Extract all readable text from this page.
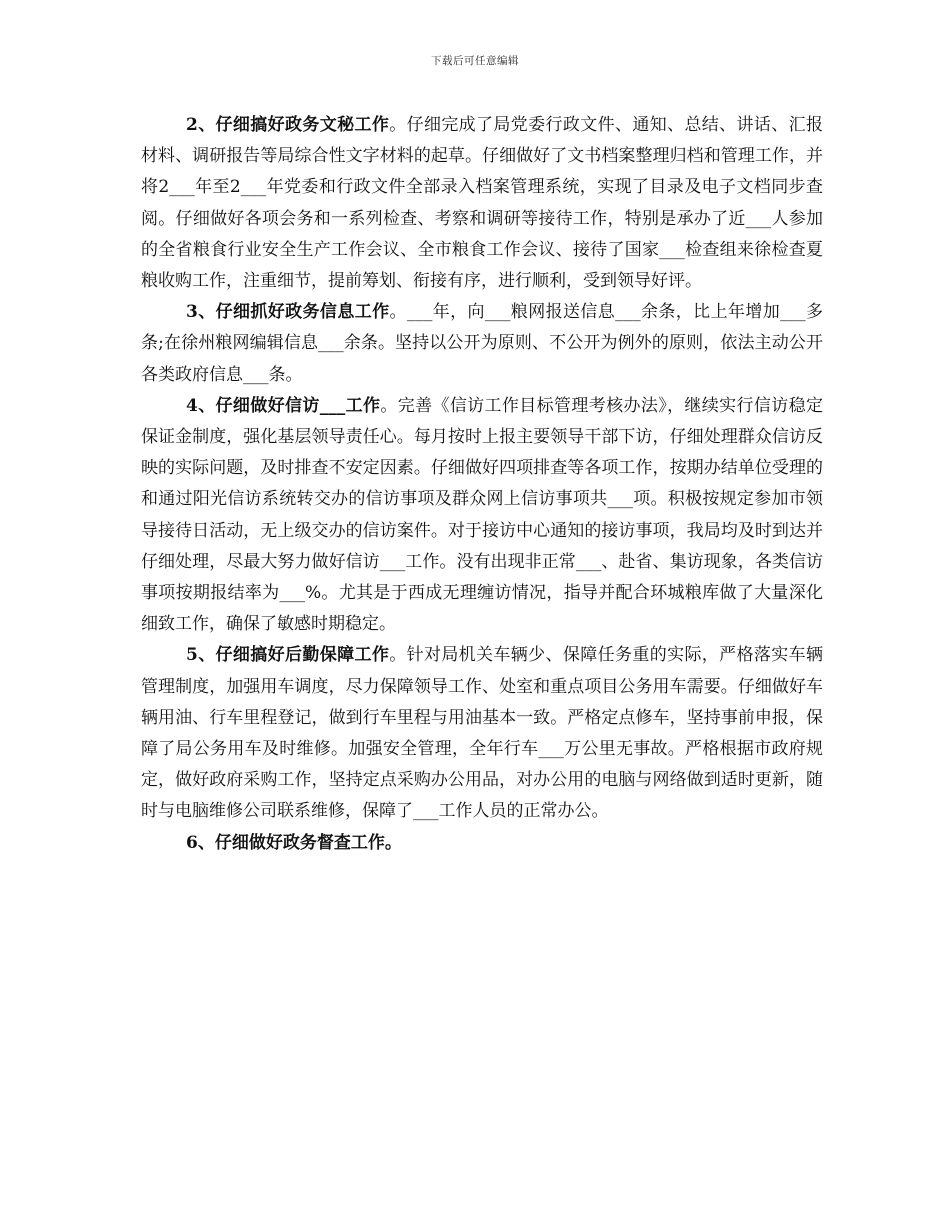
下载后可任意编辑

2、仔细搞好政务文秘工作。仔细完成了局党委行政文件、通知、总结、讲话、汇报材料、调研报告等局综合性文字材料的起草。仔细做好了文书档案整理归档和管理工作，并将2___年至2___年党委和行政文件全部录入档案管理系统，实现了目录及电子文档同步查阅。仔细做好各项会务和一系列检查、考察和调研等接待工作，特别是承办了近___人参加的全省粮食行业安全生产工作会议、全市粮食工作会议、接待了国家___检查组来徐检查夏粮收购工作，注重细节，提前筹划、衔接有序，进行顺利，受到领导好评。

3、仔细抓好政务信息工作。___年，向___粮网报送信息___余条，比上年增加___多条;在徐州粮网编辑信息___余条。坚持以公开为原则、不公开为例外的原则，依法主动公开各类政府信息___条。

4、仔细做好信访___工作。完善《信访工作目标管理考核办法》，继续实行信访稳定保证金制度，强化基层领导责任心。每月按时上报主要领导干部下访，仔细处理群众信访反映的实际问题，及时排查不安定因素。仔细做好四项排查等各项工作，按期办结单位受理的和通过阳光信访系统转交办的信访事项及群众网上信访事项共___项。积极按规定参加市领导接待日活动，无上级交办的信访案件。对于接访中心通知的接访事项，我局均及时到达并仔细处理，尽最大努力做好信访___工作。没有出现非正常___、赴省、集访现象，各类信访事项按期报结率为___%。尤其是于西成无理缠访情况，指导并配合环城粮库做了大量深化细致工作，确保了敏感时期稳定。

5、仔细搞好后勤保障工作。针对局机关车辆少、保障任务重的实际，严格落实车辆管理制度，加强用车调度，尽力保障领导工作、处室和重点项目公务用车需要。仔细做好车辆用油、行车里程登记，做到行车里程与用油基本一致。严格定点修车，坚持事前申报，保障了局公务用车及时维修。加强安全管理，全年行车___万公里无事故。严格根据市政府规定，做好政府采购工作，坚持定点采购办公用品，对办公用的电脑与网络做到适时更新，随时与电脑维修公司联系维修，保障了___工作人员的正常办公。

6、仔细做好政务督查工作。
